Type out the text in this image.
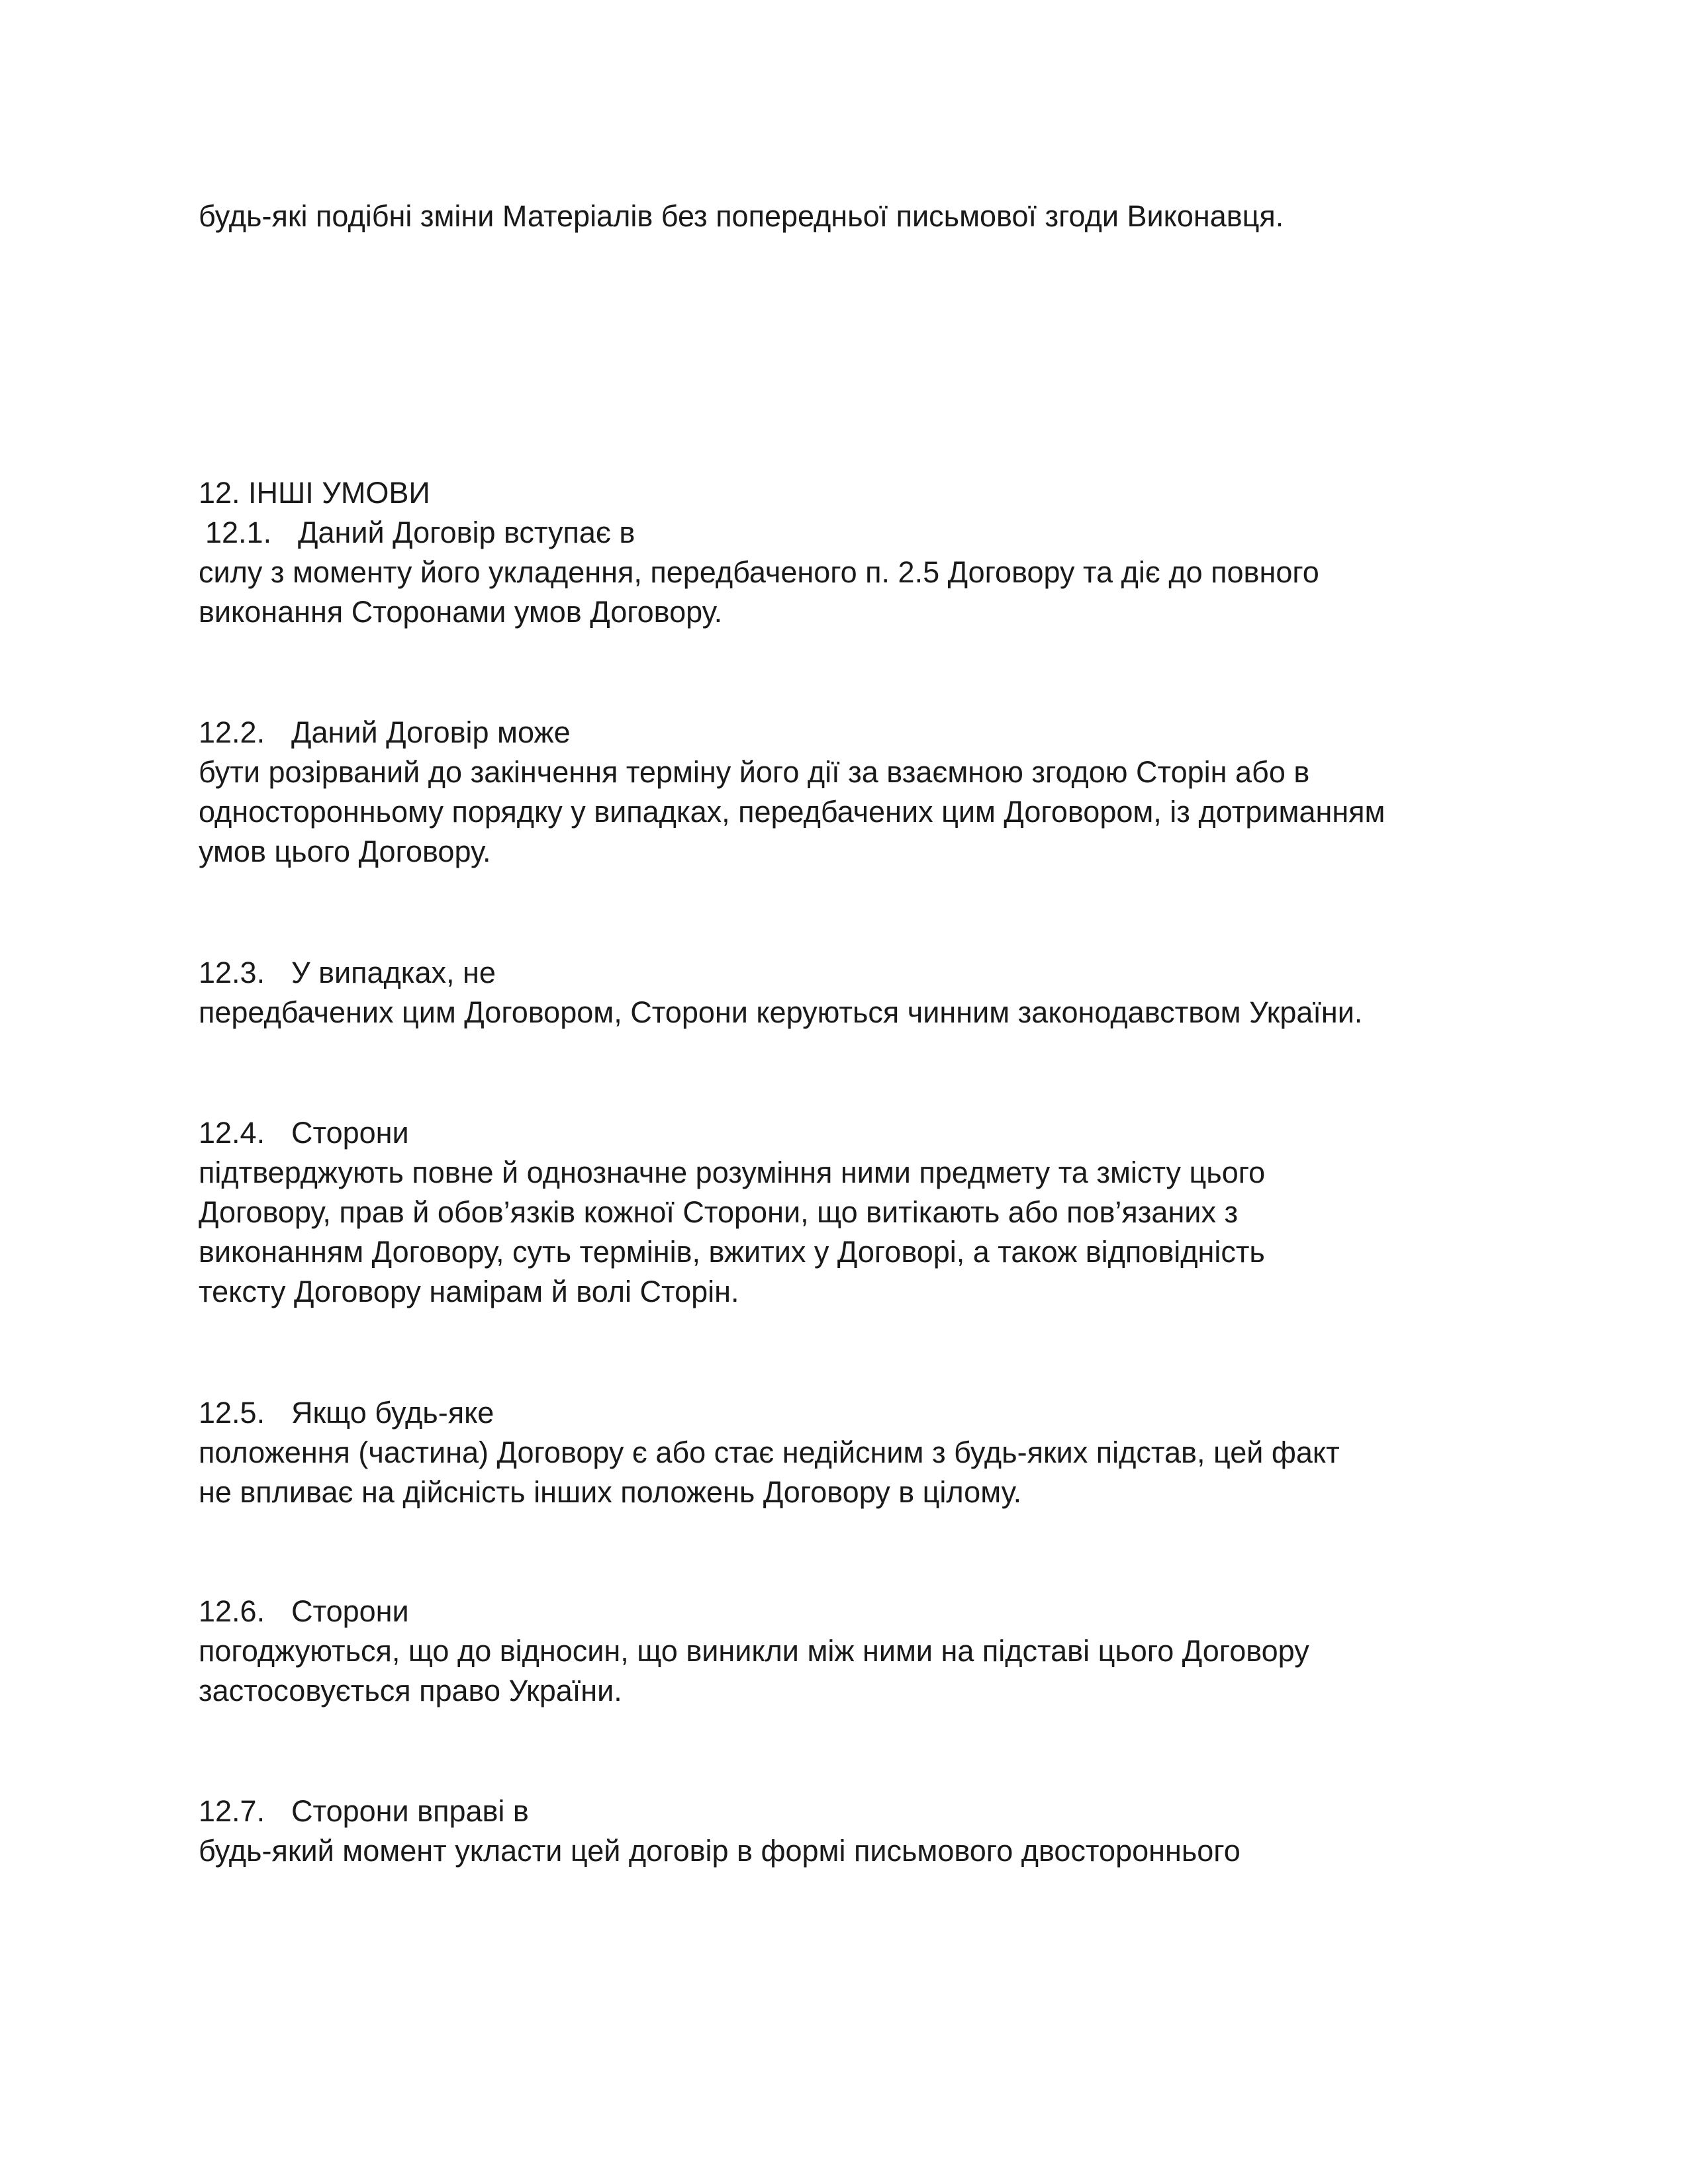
будь-які подібні зміни Матеріалів без попередньої письмової згоди Виконавця.

12. ІНШІ УМОВИ

12.1. Даний Договір вступає в

силу з моменту його укладення, передбаченого п. 2.5 Договору та діє до повного

виконання Сторонами умов Договору.

12.2. Даний Договір може

бути розірваний до закінчення терміну його дії за взаємною згодою Сторін або в

односторонньому порядку у випадках, передбачених цим Договором, із дотриманням

умов цього Договору.

12.3. У випадках, не

передбачених цим Договором, Сторони керуються чинним законодавством України.

12.4. Сторони

підтверджують повне й однозначне розуміння ними предмету та змісту цього

Договору, прав й обов’язків кожної Сторони, що витікають або пов’язаних з

виконанням Договору, суть термінів, вжитих у Договорі, а також відповідність

тексту Договору намірам й волі Сторін.

12.5. Якщо будь-яке

положення (частина) Договору є або стає недійсним з будь-яких підстав, цей факт

не впливає на дійсність інших положень Договору в цілому.

12.6. Сторони

погоджуються, що до відносин, що виникли між ними на підставі цього Договору

застосовується право України.

12.7. Сторони вправі в

будь-який момент укласти цей договір в формі письмового двостороннього
